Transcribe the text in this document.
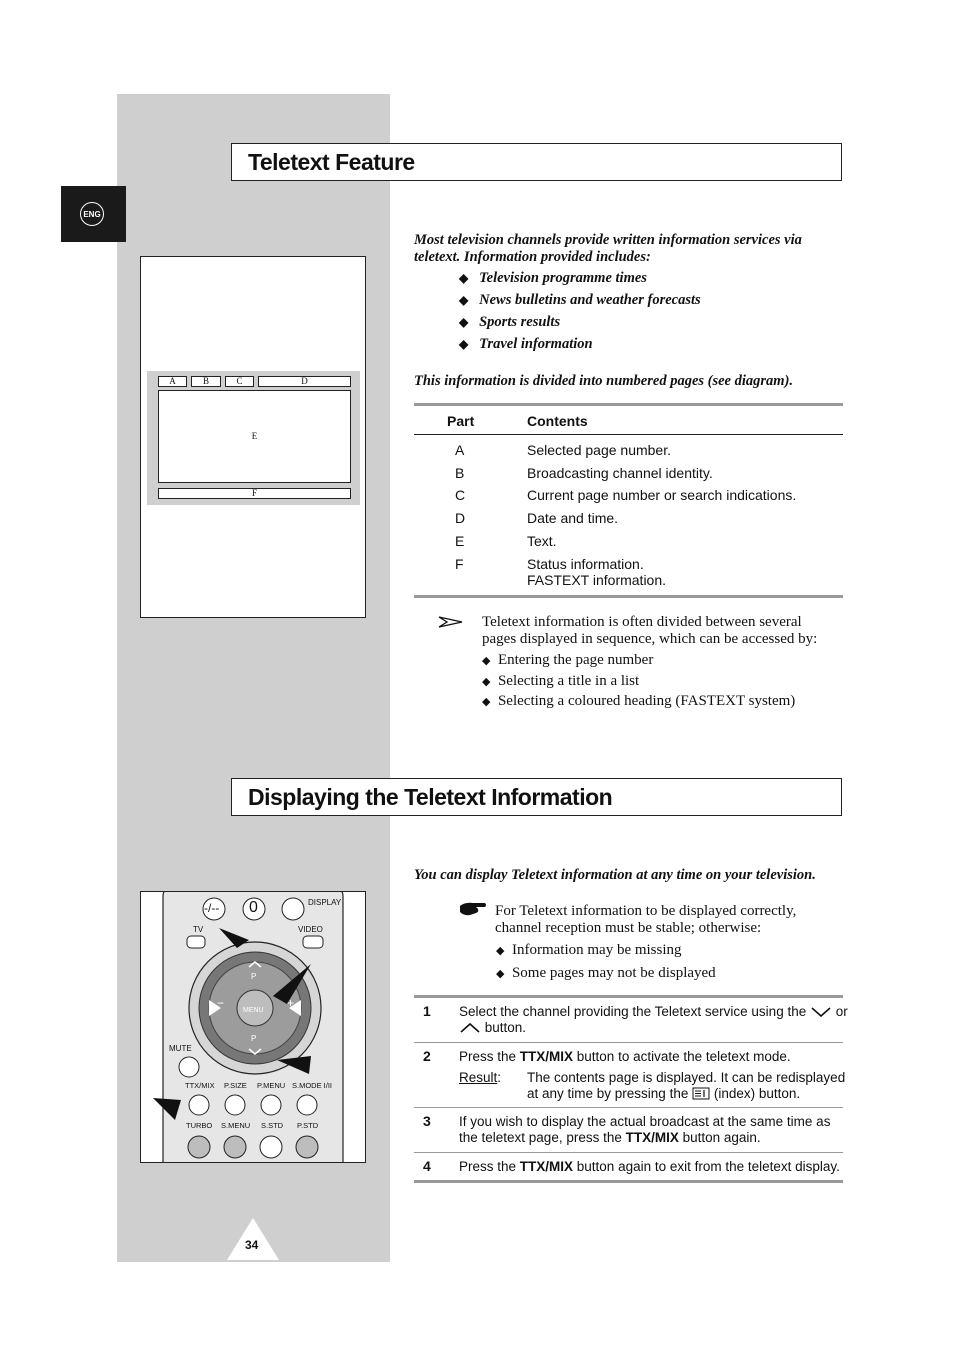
ENG
Teletext Feature
Most television channels provide written information services via teletext. Information provided includes:
◆ Television programme times
◆ News bulletins and weather forecasts
◆ Sports results
◆ Travel information
This information is divided into numbered pages (see diagram).
A	B	C	D
E
F
Part	Contents
A	Selected page number.
B	Broadcasting channel identity.
C	Current page number or search indications.
D	Date and time.
E	Text.
F	Status information.
FASTEXT information.
Teletext information is often divided between several
pages displayed in sequence, which can be accessed by:
◆ Entering the page number
◆ Selecting a title in a list
◆ Selecting a coloured heading (FASTEXT system)
Displaying the Teletext Information
You can display Teletext information at any time on your television.
For Teletext information to be displayed correctly,
channel reception must be stable; otherwise:
◆ Information may be missing
◆ Some pages may not be displayed
1 Select the channel providing the Teletext service using the or
button.
2 Press the TTX/MIX button to activate the teletext mode.
Result: The contents page is displayed. It can be redisplayed
at any time by pressing the (index) button.
3 If you wish to display the actual broadcast at the same time as
the teletext page, press the TTX/MIX button again.
4 Press the TTX/MIX button again to exit from the teletext display.
-/-- 0	DISPLAY
TV	VIDEO
MENU
P
P
−	+
MUTE
TTX/MIX P.SIZE P.MENU S.MODE I/II
TURBO S.MENU S.STD P.STD
34
